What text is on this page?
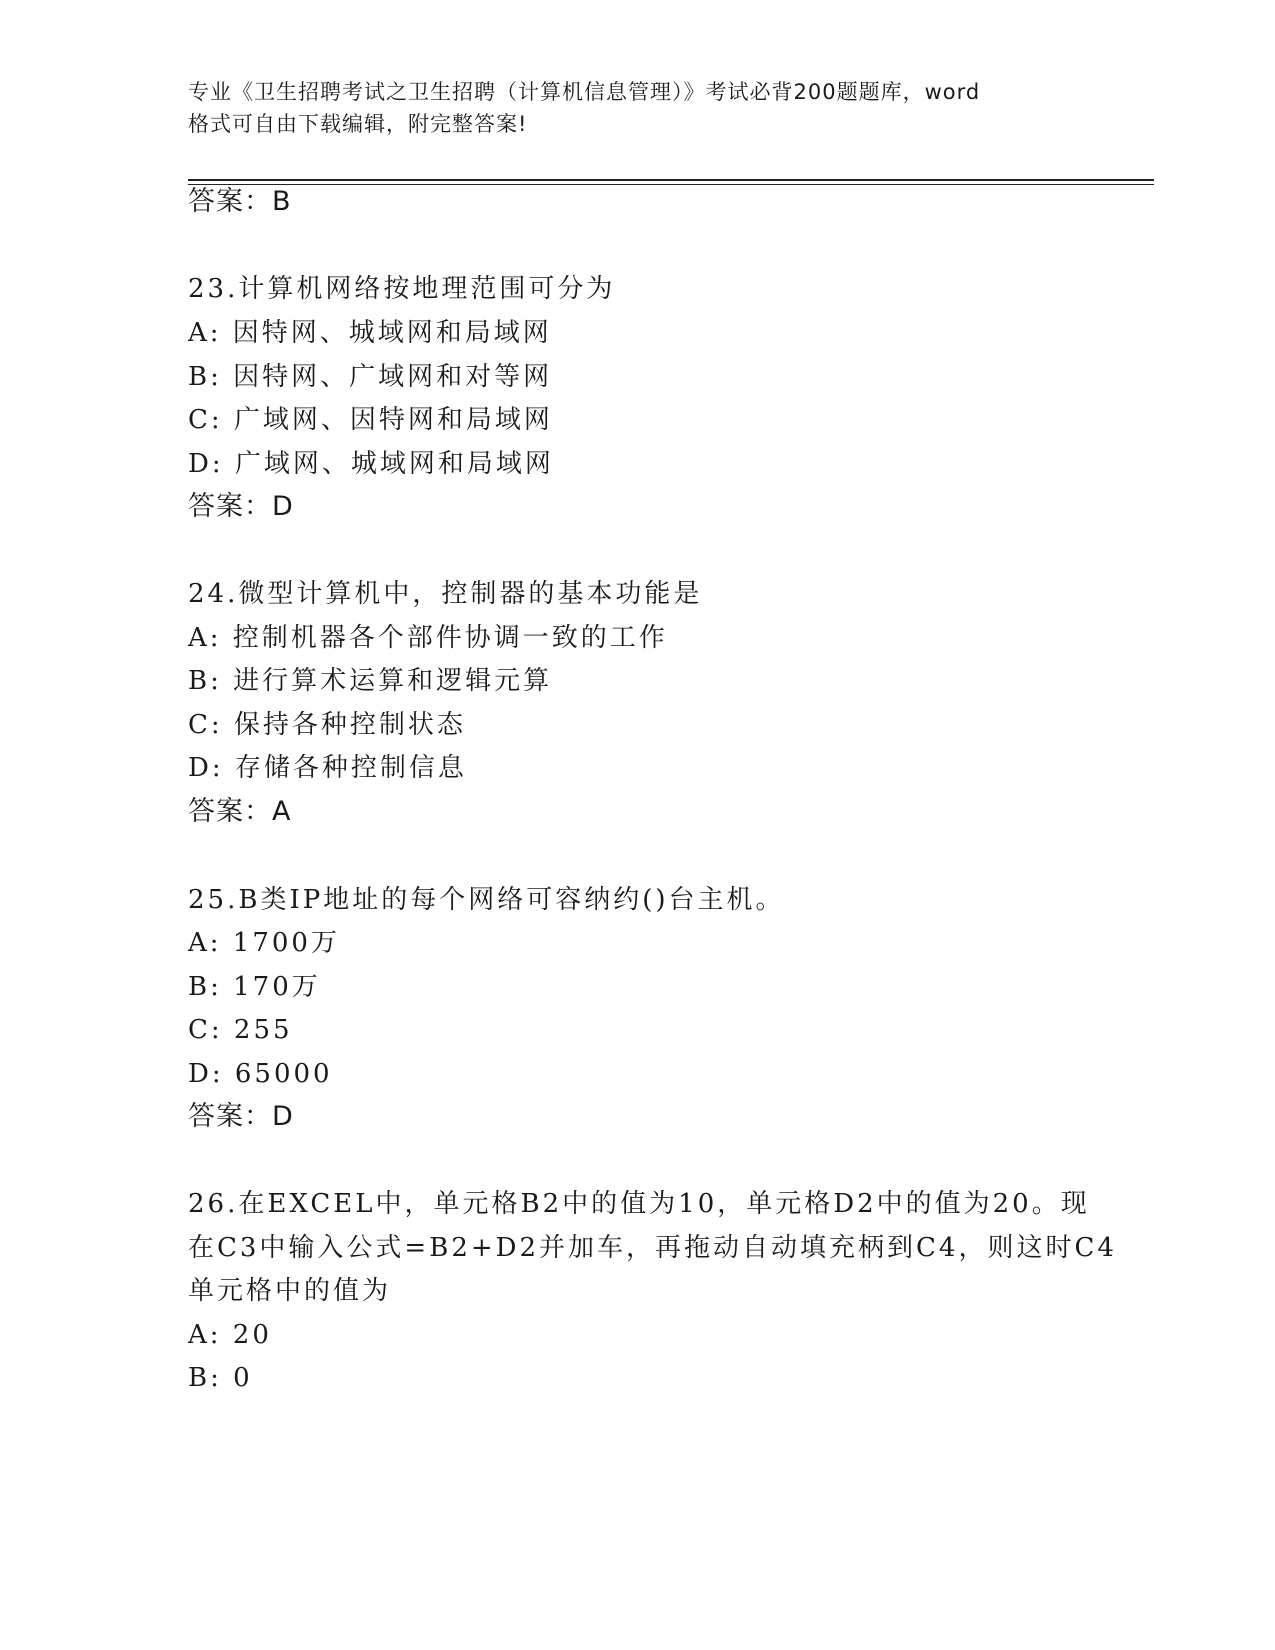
专业《卫生招聘考试之卫生招聘（计算机信息管理）》考试必背200题题库，word
格式可自由下载编辑，附完整答案!
答案：B
23.计算机网络按地理范围可分为
A: 因特网、城域网和局域网
B: 因特网、广域网和对等网
C: 广域网、因特网和局域网
D: 广域网、城域网和局域网
答案：D
24.微型计算机中，控制器的基本功能是
A: 控制机器各个部件协调一致的工作
B: 进行算术运算和逻辑元算
C: 保持各种控制状态
D: 存储各种控制信息
答案：A
25.B类IP地址的每个网络可容纳约()台主机。
A: 1700万
B: 170万
C: 255
D: 65000
答案：D
26.在EXCEL中，单元格B2中的值为10，单元格D2中的值为20。现
在C3中输入公式=B2+D2并加车，再拖动自动填充柄到C4，则这时C4
单元格中的值为
A: 20
B: 0
